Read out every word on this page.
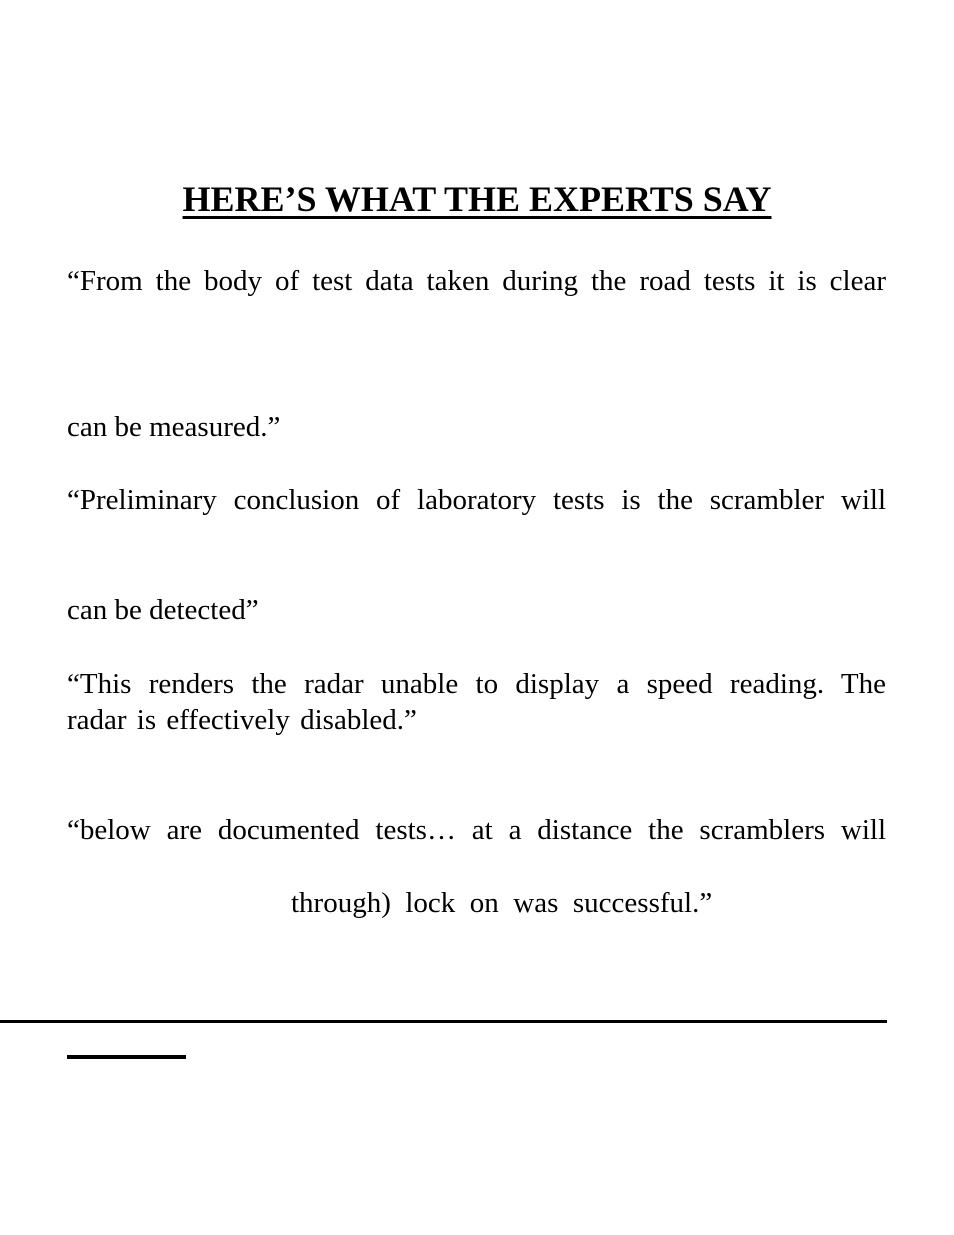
HERE’S WHAT THE EXPERTS SAY

“From the body of test data taken during the road tests it is clear

can be measured.”

“Preliminary conclusion of laboratory tests is the scrambler will

can be detected”

“This renders the radar unable to display a speed reading. The

radar is effectively disabled.”

“below are documented tests… at a distance the scramblers will

through)  lock  on  was  successful.”
